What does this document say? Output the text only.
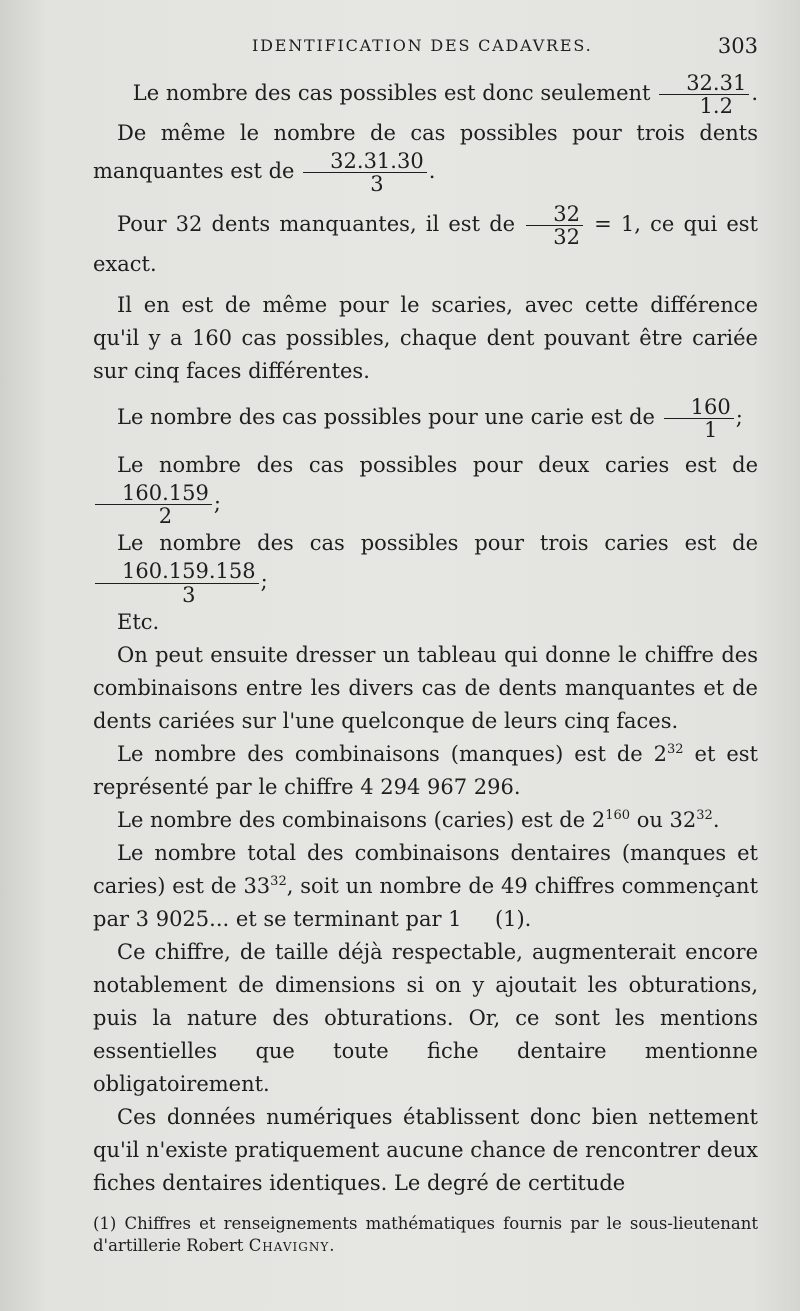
IDENTIFICATION DES CADAVRES.	303

Le nombre des cas possibles est donc seulement $\frac{32.31}{1.2}$ .

De même le nombre de cas possibles pour trois dents manquantes est de $\frac{32.31.30}{3}$ .

Pour 32 dents manquantes, il est de $\frac{32}{32} = 1$, ce qui est exact.

Il en est de même pour le scaries, avec cette différence qu'il y a 160 cas possibles, chaque dent pouvant être cariée sur cinq faces différentes.

Le nombre des cas possibles pour une carie est de $\frac{160}{1}$ ;

Le nombre des cas possibles pour deux caries est de
$\frac{160.159}{2}$ ;

Le nombre des cas possibles pour trois caries est de
$\frac{160.159.158}{3}$ ;

Etc.

On peut ensuite dresser un tableau qui donne le chiffre des combinaisons entre les divers cas de dents manquantes et de dents cariées sur l'une quelconque de leurs cinq faces.

Le nombre des combinaisons (manques) est de $2^{32}$ et est représenté par le chiffre 4 294 967 296.

Le nombre des combinaisons (caries) est de $2^{160}$ ou $32^{32}$.

Le nombre total des combinaisons dentaires (manques et caries) est de $33^{32}$, soit un nombre de 49 chiffres commençant par 3 9025... et se terminant par 1 (1).

Ce chiffre, de taille déjà respectable, augmenterait encore notablement de dimensions si on y ajoutait les obturations, puis la nature des obturations. Or, ce sont les mentions essentielles que toute fiche dentaire mentionne obligatoirement.

Ces données numériques établissent donc bien nettement qu'il n'existe pratiquement aucune chance de rencontrer deux fiches dentaires identiques. Le degré de certitude

(1) Chiffres et renseignements mathématiques fournis par le sous-lieutenant d'artillerie Robert Chavigny.
